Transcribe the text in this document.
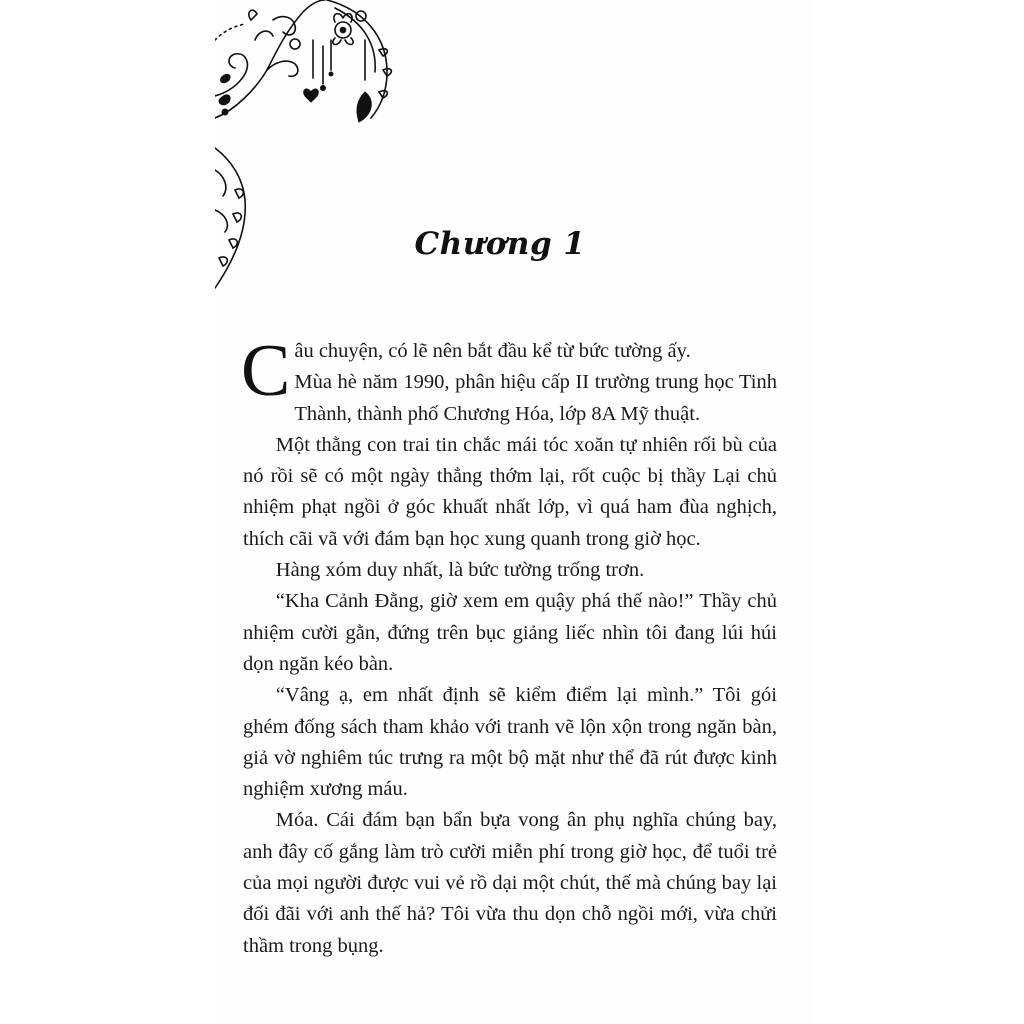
Chương 1

Câu chuyện, có lẽ nên bắt đầu kể từ bức tường ấy.

Mùa hè năm 1990, phân hiệu cấp II trường trung học Tinh Thành, thành phố Chương Hóa, lớp 8A Mỹ thuật.

Một thằng con trai tin chắc mái tóc xoăn tự nhiên rối bù của nó rồi sẽ có một ngày thẳng thớm lại, rốt cuộc bị thầy Lại chủ nhiệm phạt ngồi ở góc khuất nhất lớp, vì quá ham đùa nghịch, thích cãi vã với đám bạn học xung quanh trong giờ học.

Hàng xóm duy nhất, là bức tường trống trơn.

“Kha Cảnh Đằng, giờ xem em quậy phá thế nào!” Thầy chủ nhiệm cười gằn, đứng trên bục giảng liếc nhìn tôi đang lúi húi dọn ngăn kéo bàn.

“Vâng ạ, em nhất định sẽ kiểm điểm lại mình.” Tôi gói ghém đống sách tham khảo với tranh vẽ lộn xộn trong ngăn bàn, giả vờ nghiêm túc trưng ra một bộ mặt như thể đã rút được kinh nghiệm xương máu.

Móa. Cái đám bạn bẩn bựa vong ân phụ nghĩa chúng bay, anh đây cố gắng làm trò cười miễn phí trong giờ học, để tuổi trẻ của mọi người được vui vẻ rồ dại một chút, thế mà chúng bay lại đối đãi với anh thế hả? Tôi vừa thu dọn chỗ ngồi mới, vừa chửi thầm trong bụng.
